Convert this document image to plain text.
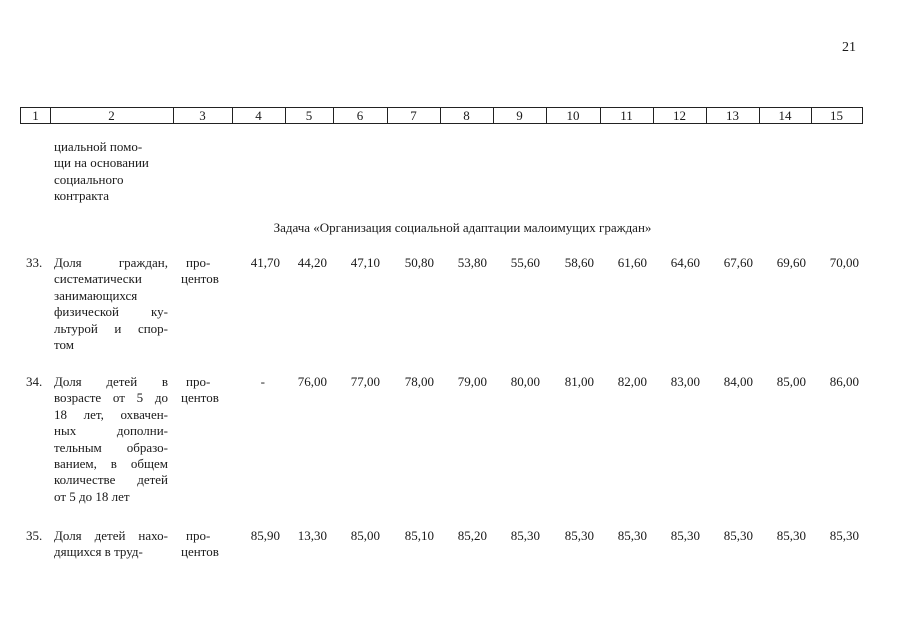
21
1	2	3	4	5	6	7	8	9	10	11	12	13	14	15
циальной помо-
щи на основании
социального
контракта
Задача «Организация социальной адаптации малоимущих граждан»
33. Доля граждан,
систематически
занимающихся
физической ку-
льтурой и спор-
том
про-
центов
41,70 44,20 47,10 50,80 53,80 55,60 58,60 61,60 64,60 67,60 69,60 70,00
34. Доля детей в
возрасте от 5 до
18 лет, охвачен-
ных дополни-
тельным образо-
ванием, в общем
количестве детей
от 5 до 18 лет
про-
центов
-	76,00 77,00 78,00 79,00 80,00 81,00 82,00 83,00 84,00 85,00 86,00
35. Доля детей нахо-
дящихся в труд-
про-
центов
85,90 13,30 85,00 85,10 85,20 85,30 85,30 85,30 85,30 85,30 85,30 85,30
